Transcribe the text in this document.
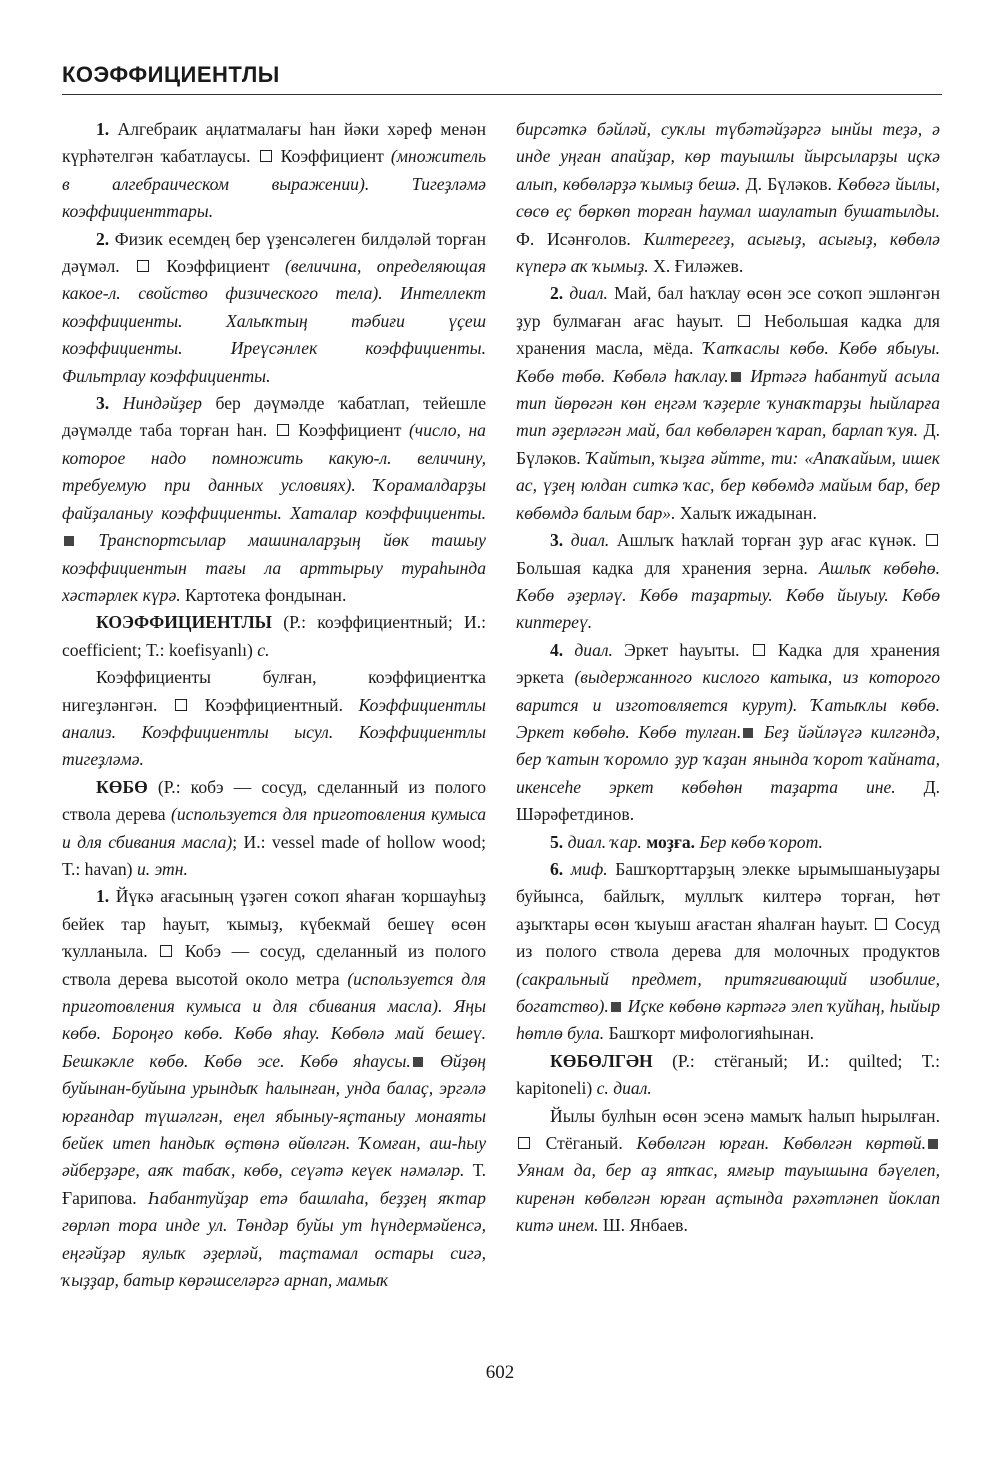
КОЭФФИЦИЕНТЛЫ

1. Алгебраик аңлатмалағы һан йәки хәреф менән күрһәтелгән ҡабатлаусы.  Коэффициент (множитель в алгебраическом выражении). Тигеҙләмә коэффициенттары.

2. Физик есемдең бер үҙенсәлеген билдәләй торған дәүмәл.  Коэффициент (величина, определяющая какое-л. свойство физического тела). Интеллект коэффициенты. Халыҡтың тәбиғи үҫеш коэффициенты. Иреүсәнлек коэффициенты. Фильтрлау коэффициенты.

3. Ниндәйҙер бер дәүмәлде ҡабатлап, тейешле дәүмәлде таба торған һан.  Коэффициент (число, на которое надо помножить какую-л. величину, требуемую при данных условиях). Ҡорамалдарҙы файҙаланыу коэффициенты. Хаталар коэффициенты. Транспортсылар машиналарҙың йөк ташыу коэффициентын тағы ла арттырыу тураһында хәстәрлек күрә. Картотека фондынан.

КОЭФФИЦИЕНТЛЫ (Р.: коэффициентный; И.: coefficient; Т.: koefisyanlı) с.

Коэффициенты булған, коэффициентҡа нигеҙләнгән.  Коэффициентный. Коэффициентлы анализ. Коэффициентлы ысул. Коэффициентлы тигеҙләмә.

КӨБӨ (Р.: кобэ — сосуд, сделанный из полого ствола дерева (используется для приготовления кумыса и для сбивания масла); И.: vessel made of hollow wood; Т.: havan) и. этн.

1. Йүкә ағасының үҙәген соҡоп яһаған ҡоршауһыҙ бейек тар һауыт, ҡымыҙ, күбекмай бешеү өсөн ҡулланыла.  Кобэ — сосуд, сделанный из полого ствола дерева высотой около метра (используется для приготовления кумыса и для сбивания масла). Яңы көбө. Бороңғо көбө. Көбө яһау. Көбөлә май бешеү. Бешкәкле көбө. Көбө эсе. Көбө яһаусы. Өйҙөң буйынан-буйына урындыҡ һалынған, унда балаҫ, эргәлә юрғандар түшәлгән, еңел ябыныу-яҫтаныу монаяты бейек итеп һандыҡ өҫтөнә өйөлгән. Ҡомған, аш-һыу әйберҙәре, аяҡ табаҡ, көбө, сеүәтә кеүек нәмәләр. Т. Ғарипова. Һабантуйҙар етә башлаһа, беҙҙең яҡтар гөрләп тора инде ул. Төндәр буйы ут һүндермәйенсә, еңгәйҙәр яулыҡ әҙерләй, таҫтамал остары сигә, ҡыҙҙар, батыр көрәшселәргә арнап, мамыҡ

бирсәткә бәйләй, суҡлы түбәтәйҙәргә ынйы теҙә, ә инде уңған апайҙар, көр тауышлы йырсыларҙы иҫкә алып, көбөләрҙә ҡымыҙ бешә. Д. Бүләков. Көбөгә йылы, сөсө еҫ бөркөп торған һаумал шаулатып бушатылды. Ф. Исәнғолов. Килтерегеҙ, асығыҙ, асығыҙ, көбөлә күперә аҡ ҡымыҙ. Х. Ғиләжев.

2. диал. Май, бал һаҡлау өсөн эсе соҡоп эшләнгән ҙур булмаған ағас һауыт.  Небольшая кадка для хранения масла, мёда. Ҡапҡаслы көбө. Көбө ябыуы. Көбө төбө. Көбөлә һаҡлау. Иртәгә һабантуй асыла тип йөрөгән көн еңгәм ҡәҙерле ҡунаҡтарҙы һыйларға тип әҙерләгән май, бал көбөләрен ҡарап, барлап ҡуя. Д. Бүләков. Ҡайтып, ҡыҙға әйтте, ти: «Апаҡайым, ишек ас, үҙең юлдан ситкә ҡас, бер көбөмдә майым бар, бер көбөмдә балым бар». Халыҡ ижадынан.

3. диал. Ашлыҡ һаҡлай торған ҙур ағас күнәк.  Большая кадка для хранения зерна. Ашлыҡ көбөһө. Көбө әҙерләү. Көбө таҙартыу. Көбө йыуыу. Көбө киптереү.

4. диал. Эркет һауыты.  Кадка для хранения эркета (выдержанного кислого катыка, из которого варится и изготовляется курут). Ҡатыҡлы көбө. Эркет көбөһө. Көбө тулған. Беҙ йәйләүгә килгәндә, бер ҡатын ҡоромло ҙур ҡаҙан янында ҡорот ҡайната, икенсеһе эркет көбөһөн таҙарта ине. Д. Шәрәфетдинов.

5. диал. ҡар. моҙға. Бер көбө ҡорот.

6. миф. Башҡорттарҙың элекке ырымышаныуҙары буйынса, байлыҡ, муллыҡ килтерә торған, һөт аҙыҡтары өсөн ҡыуыш ағастан яһалған һауыт.  Сосуд из полого ствола дерева для молочных продуктов (сакральный предмет, притягивающий изобилие, богатство). Иҫке көбөнө кәртәгә элеп ҡуйһаң, һыйыр һөтлө була. Башҡорт мифологияһынан.

КӨБӨЛГӘН (Р.: стёганый; И.: quilted; Т.: kapitoneli) с. диал.

Йылы булһын өсөн эсенә мамыҡ һалып һырылған.  Стёганый. Көбөлгән юрған. Көбөлгән көртөй. Уянам да, бер аҙ ятҡас, ямғыр тауышына бәүелеп, киренән көбөлгән юрған аҫтында рәхәтләнеп йоклап китә инем. Ш. Янбаев.

602
